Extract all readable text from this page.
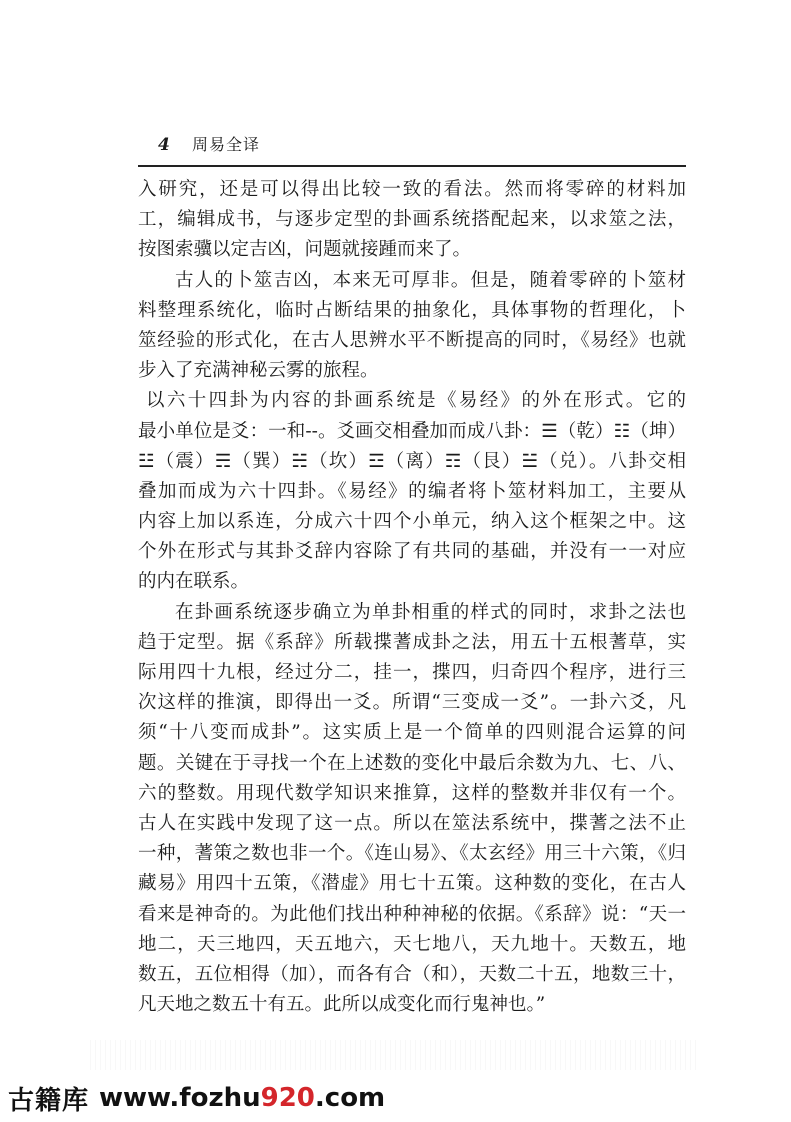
4	周易全译
入研究，还是可以得出比较一致的看法。然而将零碎的材料加
工，编辑成书，与逐步定型的卦画系统搭配起来，以求筮之法，
按图索骥以定吉凶，问题就接踵而来了。
古人的卜筮吉凶，本来无可厚非。但是，随着零碎的卜筮材
料整理系统化，临时占断结果的抽象化，具体事物的哲理化，卜
筮经验的形式化，在古人思辨水平不断提高的同时，《易经》也就
步入了充满神秘云雾的旅程。
以六十四卦为内容的卦画系统是《易经》的外在形式。它的
最小单位是爻：一和--。爻画交相叠加而成八卦：☰（乾）☷（坤）
☳（震）☴（巽）☵（坎）☲（离）☶（艮）☱（兑）。八卦交相
叠加而成为六十四卦。《易经》的编者将卜筮材料加工，主要从
内容上加以系连，分成六十四个小单元，纳入这个框架之中。这
个外在形式与其卦爻辞内容除了有共同的基础，并没有一一对应
的内在联系。
在卦画系统逐步确立为单卦相重的样式的同时，求卦之法也
趋于定型。据《系辞》所载揲蓍成卦之法，用五十五根蓍草，实
际用四十九根，经过分二，挂一，揲四，归奇四个程序，进行三
次这样的推演，即得出一爻。所谓“三变成一爻”。一卦六爻，凡
须“十八变而成卦”。这实质上是一个简单的四则混合运算的问
题。关键在于寻找一个在上述数的变化中最后余数为九、七、八、
六的整数。用现代数学知识来推算，这样的整数并非仅有一个。
古人在实践中发现了这一点。所以在筮法系统中，揲蓍之法不止
一种，蓍策之数也非一个。《连山易》、《太玄经》用三十六策，《归
藏易》用四十五策，《潜虚》用七十五策。这种数的变化，在古人
看来是神奇的。为此他们找出种种神秘的依据。《系辞》说：“天一
地二，天三地四，天五地六，天七地八，天九地十。天数五，地
数五，五位相得（加），而各有合（和），天数二十五，地数三十，
凡天地之数五十有五。此所以成变化而行鬼神也。”
古籍库 www.fozhu920.com
